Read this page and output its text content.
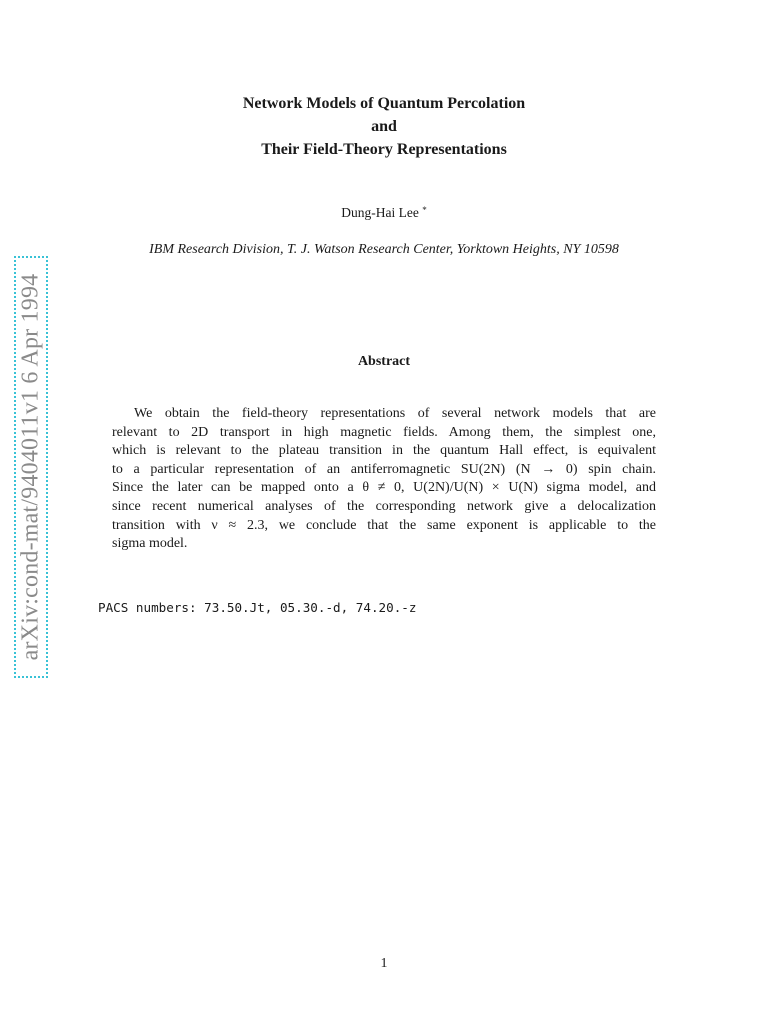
arXiv:cond-mat/9404011v1 6 Apr 1994
Network Models of Quantum Percolation
and
Their Field-Theory Representations
Dung-Hai Lee *
IBM Research Division, T. J. Watson Research Center, Yorktown Heights, NY 10598
Abstract
We obtain the field-theory representations of several network models that are
relevant to 2D transport in high magnetic fields. Among them, the simplest one,
which is relevant to the plateau transition in the quantum Hall effect, is equivalent
to a particular representation of an antiferromagnetic SU(2N) (N → 0) spin chain.
Since the later can be mapped onto a θ ≠ 0, U(2N)/U(N) × U(N) sigma model, and
since recent numerical analyses of the corresponding network give a delocalization
transition with ν ≈ 2.3, we conclude that the same exponent is applicable to the
sigma model.
PACS numbers: 73.50.Jt, 05.30.-d, 74.20.-z
1
